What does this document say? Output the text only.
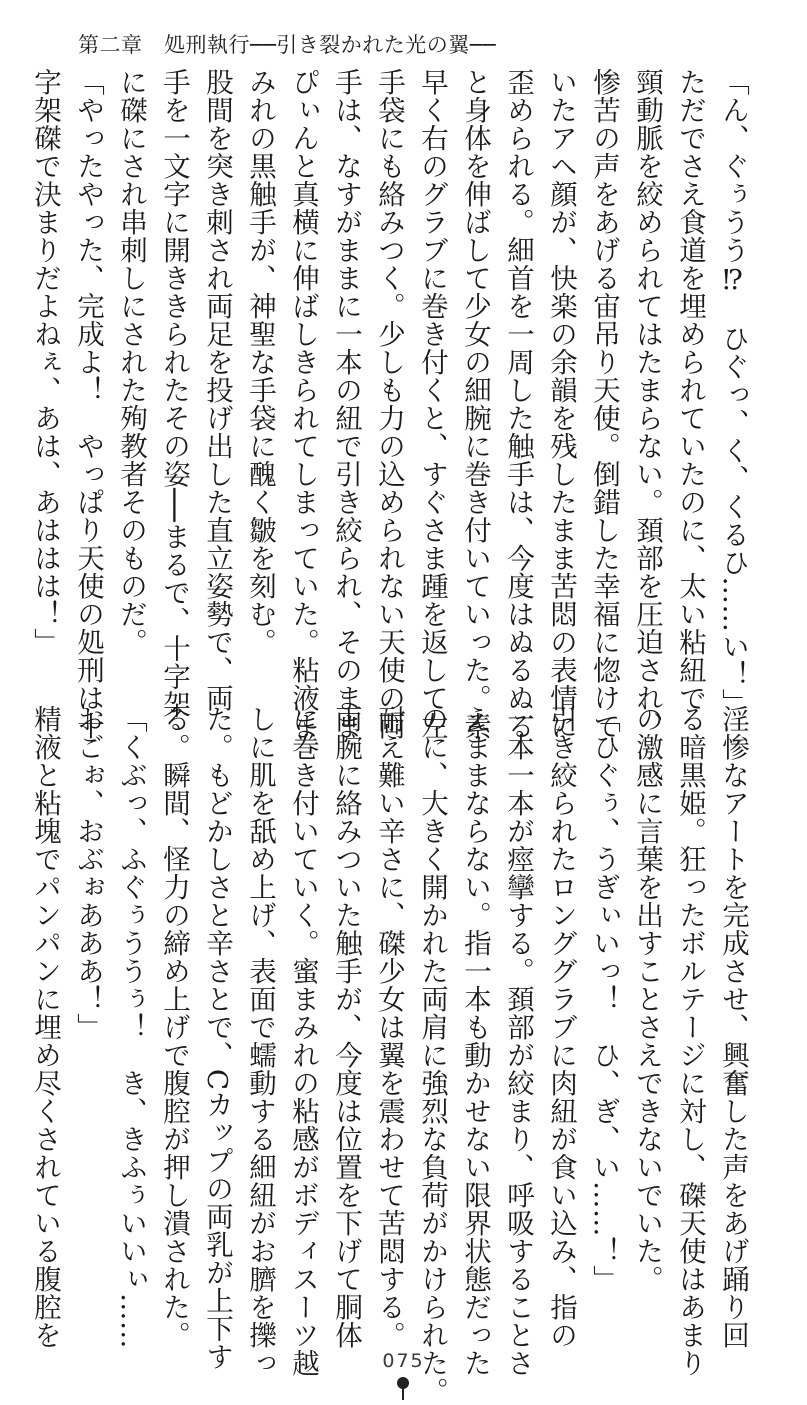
第二章　処刑執行──引き裂かれた光の翼──
「ん、ぐぅうう⁉　ひぐっ、く、くるひ……い！」
ただでさえ食道を埋められていたのに、太い粘紐で
頸動脈を絞められてはたまらない。頚部を圧迫され、
惨苦の声をあげる宙吊り天使。倒錯した幸福に惚けて
いたアヘ顔が、快楽の余韻を残したまま苦悶の表情に
歪められる。細首を一周した触手は、今度はぬるぬる
と身体を伸ばして少女の細腕に巻き付いていった。素
早く右のグラブに巻き付くと、すぐさま踵を返して左
手袋にも絡みつく。少しも力の込められない天使の両
手は、なすがままに一本の紐で引き絞られ、そのまま
ぴぃんと真横に伸ばしきられてしまっていた。粘液ま
みれの黒触手が、神聖な手袋に醜く皺を刻む。
股間を突き刺され両足を投げ出した直立姿勢で、両
手を一文字に開ききられたその姿──まるで、十字架
に磔にされ串刺しにされた殉教者そのものだ。
「やったやった、完成よ！　やっぱり天使の処刑は十
字架磔で決まりだよねぇ、あは、あははは！」
淫惨なアートを完成させ、興奮した声をあげ踊り回
る暗黒姫。狂ったボルテージに対し、磔天使はあまり
の激感に言葉を出すことさえできないでいた。
「ひぐぅ、うぎぃいっ！　ひ、ぎ、い……！」
引き絞られたロンググラブに肉紐が食い込み、指の
一本一本が痙攣する。頚部が絞まり、呼吸することさ
えままならない。指一本も動かせない限界状態だった
のに、大きく開かれた両肩に強烈な負荷がかけられた。
耐え難い辛さに、磔少女は翼を震わせて苦悶する。
両腕に絡みついた触手が、今度は位置を下げて胴体
に巻き付いていく。蜜まみれの粘感がボディスーツ越
しに肌を舐め上げ、表面で蠕動する細紐がお臍を擽っ
た。もどかしさと辛さとで、Cカップの両乳が上下す
る。瞬間、怪力の締め上げで腹腔が押し潰された。
「くぶっ、ふぐぅううぅ！　き、きふぅいいぃ……
おごぉ、おぶぉあああ！」
精液と粘塊でパンパンに埋め尽くされている腹腔を
075
